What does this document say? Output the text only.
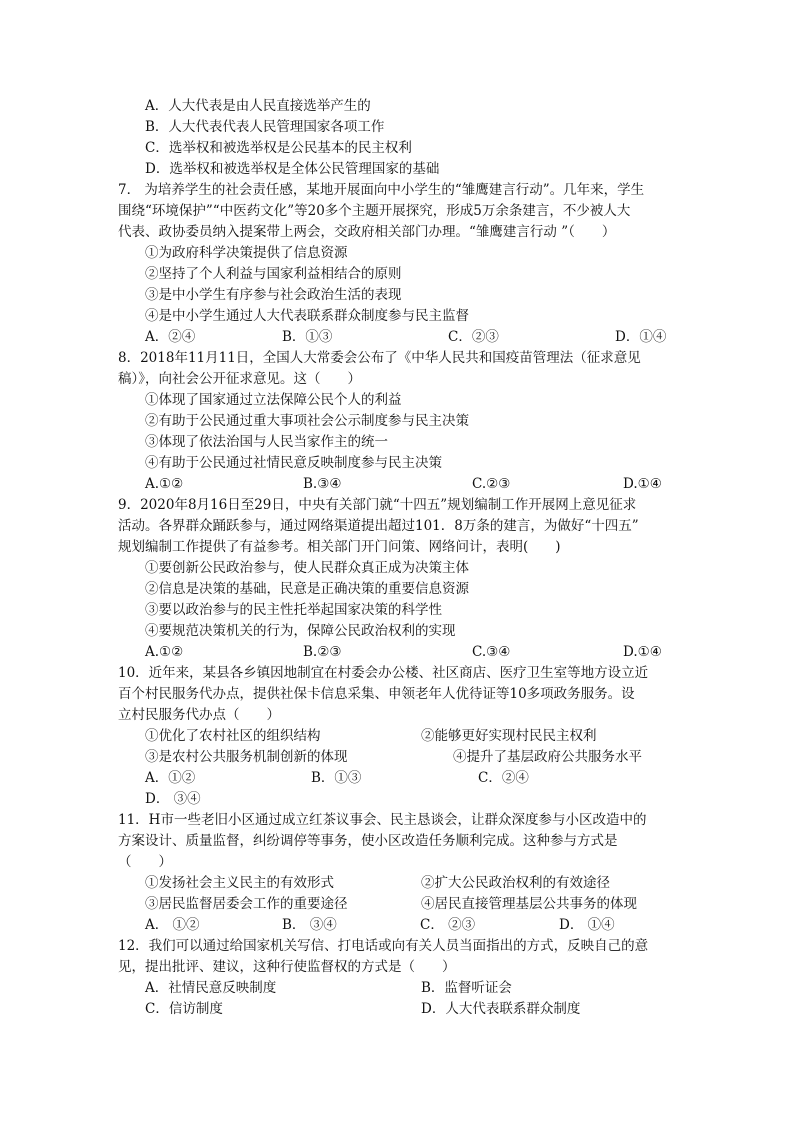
A．人大代表是由人民直接选举产生的
B．人大代表代表人民管理国家各项工作
C．选举权和被选举权是公民基本的民主权利
D．选举权和被选举权是全体公民管理国家的基础
7． 为培养学生的社会责任感，某地开展面向中小学生的“雏鹰建言行动”。几年来，学生
围绕“环境保护”“中医药文化”等20多个主题开展探究，形成5万余条建言，不少被人大
代表、政协委员纳入提案带上两会，交政府相关部门办理。“雏鹰建言行动 ”（　　）
①为政府科学决策提供了信息资源
②坚持了个人利益与国家利益相结合的原则
③是中小学生有序参与社会政治生活的表现
④是中小学生通过人大代表联系群众制度参与民主监督
A．②④	B．①③	C．②③	D．①④
8．2018年11月11日，全国人大常委会公布了《中华人民共和国疫苗管理法（征求意见
稿）》，向社会公开征求意见。这（　　）
①体现了国家通过立法保障公民个人的利益
②有助于公民通过重大事项社会公示制度参与民主决策
③体现了依法治国与人民当家作主的统一
④有助于公民通过社情民意反映制度参与民主决策
A.①②	B.③④	C.②③	D.①④
9．2020年8月16日至29日，中央有关部门就“十四五”规划编制工作开展网上意见征求
活动。各界群众踊跃参与，通过网络渠道提出超过101．8万条的建言，为做好“十四五”
规划编制工作提供了有益参考。相关部门开门问策、网络问计，表明(　　)
①要创新公民政治参与，使人民群众真正成为决策主体
②信息是决策的基础，民意是正确决策的重要信息资源
③要以政治参与的民主性托举起国家决策的科学性
④要规范决策机关的行为，保障公民政治权利的实现
A.①②	B.②③	C.③④	D.①④
10．近年来，某县各乡镇因地制宜在村委会办公楼、社区商店、医疗卫生室等地方设立近
百个村民服务代办点，提供社保卡信息采集、申领老年人优待证等10多项政务服务。设
立村民服务代办点（　　）
①优化了农村社区的组织结构	②能够更好实现村民民主权利
③是农村公共服务机制创新的体现	④提升了基层政府公共服务水平
A．①②	B．①③	C．②④
D． ③④
11．H市一些老旧小区通过成立红茶议事会、民主恳谈会，让群众深度参与小区改造中的
方案设计、质量监督，纠纷调停等事务，使小区改造任务顺利完成。这种参与方式是
（　　）
①发扬社会主义民主的有效形式	②扩大公民政治权利的有效途径
③居民监督居委会工作的重要途径	④居民直接管理基层公共事务的体现
A． ①②	B． ③④	C． ②③	D． ①④
12．我们可以通过给国家机关写信、打电话或向有关人员当面指出的方式，反映自己的意
见，提出批评、建议，这种行使监督权的方式是（　　）
A．社情民意反映制度	B．监督听证会
C．信访制度	D．人大代表联系群众制度
